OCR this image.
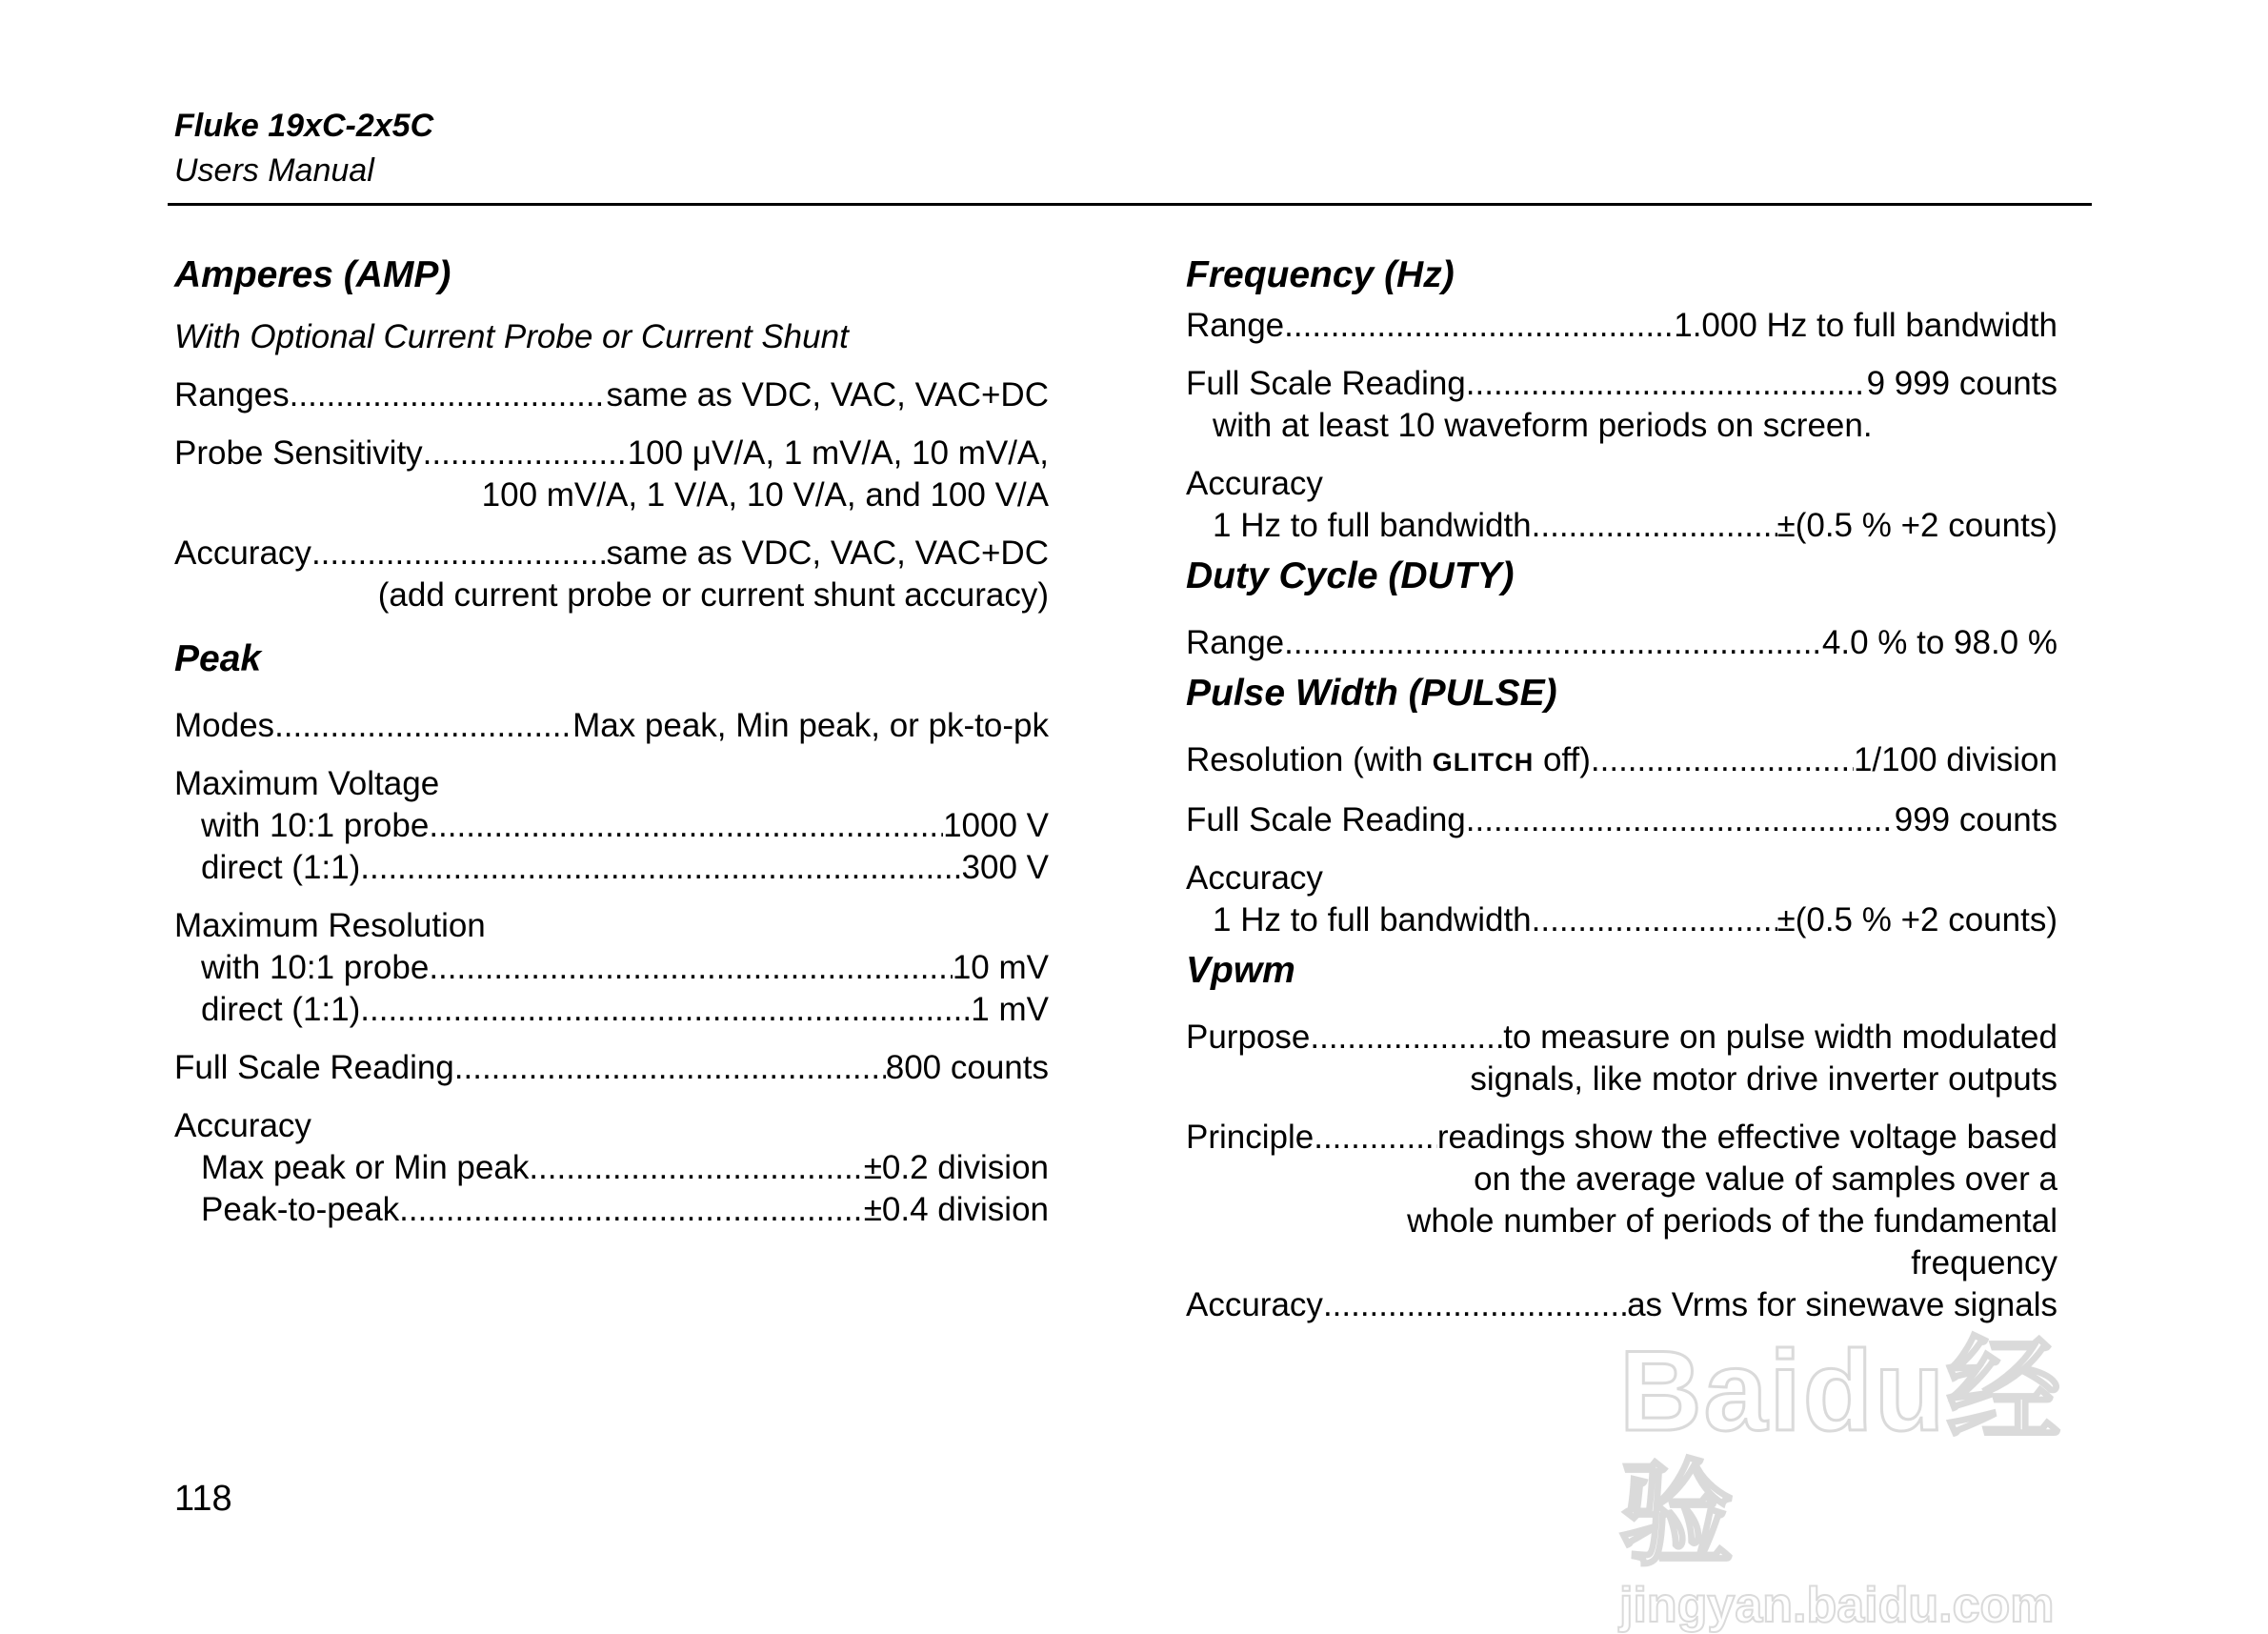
Fluke 19xC-2x5C
Users Manual
Amperes (AMP)
With Optional Current Probe or Current Shunt
Ranges .....	same as VDC, VAC, VAC+DC
Probe Sensitivity .....	100 μV/A, 1 mV/A, 10 mV/A,
100 mV/A, 1 V/A, 10 V/A, and 100 V/A
Accuracy .....	same as VDC, VAC, VAC+DC
(add current probe or current shunt accuracy)
Peak
Modes .....	Max peak, Min peak, or pk-to-pk
Maximum Voltage
with 10:1 probe .....	1000 V
direct (1:1) .....	300 V
Maximum Resolution
with 10:1 probe .....	10 mV
direct (1:1) .....	1 mV
Full Scale Reading .....	800 counts
Accuracy
Max peak or Min peak .....	±0.2 division
Peak-to-peak .....	±0.4 division
Frequency (Hz)
Range .....	1.000 Hz to full bandwidth
Full Scale Reading .....	9 999 counts
with at least 10 waveform periods on screen.
Accuracy
1 Hz to full bandwidth .....	±(0.5 % +2 counts)
Duty Cycle (DUTY)
Range .....	4.0 % to 98.0 %
Pulse Width (PULSE)
Resolution (with GLITCH off) .....	1/100 division
Full Scale Reading .....	999 counts
Accuracy
1 Hz to full bandwidth .....	±(0.5 % +2 counts)
Vpwm
Purpose .....	to measure on pulse width modulated
signals, like motor drive inverter outputs
Principle .....	readings show the effective voltage based
on the average value of samples over a
whole number of periods of the fundamental
frequency
Accuracy .....	as Vrms for sinewave signals
118
Baidu经验
jingyan.baidu.com
